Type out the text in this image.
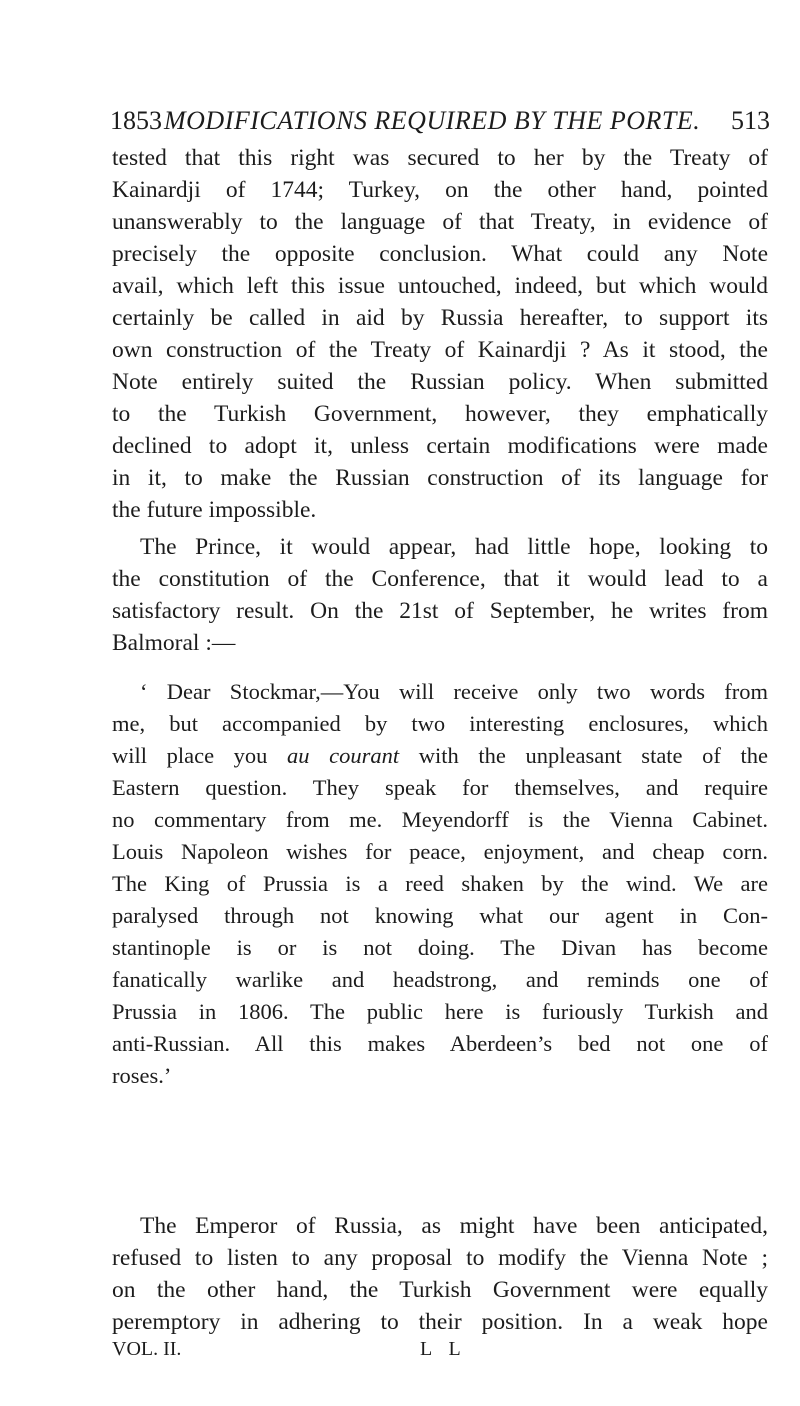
1853 MODIFICATIONS REQUIRED BY THE PORTE. 513
tested that this right was secured to her by the Treaty of
Kainardji of 1744; Turkey, on the other hand, pointed
unanswerably to the language of that Treaty, in evidence of
precisely the opposite conclusion. What could any Note
avail, which left this issue untouched, indeed, but which would
certainly be called in aid by Russia hereafter, to support its
own construction of the Treaty of Kainardji ? As it stood, the
Note entirely suited the Russian policy. When submitted
to the Turkish Government, however, they emphatically
declined to adopt it, unless certain modifications were made
in it, to make the Russian construction of its language for
the future impossible.
The Prince, it would appear, had little hope, looking to
the constitution of the Conference, that it would lead to a
satisfactory result. On the 21st of September, he writes from
Balmoral :—
‘ Dear Stockmar,—You will receive only two words from
me, but accompanied by two interesting enclosures, which
will place you au courant with the unpleasant state of the
Eastern question. They speak for themselves, and require
no commentary from me. Meyendorff is the Vienna Cabinet.
Louis Napoleon wishes for peace, enjoyment, and cheap corn.
The King of Prussia is a reed shaken by the wind. We are
paralysed through not knowing what our agent in Con-
stantinople is or is not doing. The Divan has become
fanatically warlike and headstrong, and reminds one of
Prussia in 1806. The public here is furiously Turkish and
anti-Russian. All this makes Aberdeen’s bed not one of
roses.’
The Emperor of Russia, as might have been anticipated,
refused to listen to any proposal to modify the Vienna Note ;
on the other hand, the Turkish Government were equally
peremptory in adhering to their position. In a weak hope
VOL. II.	L L
